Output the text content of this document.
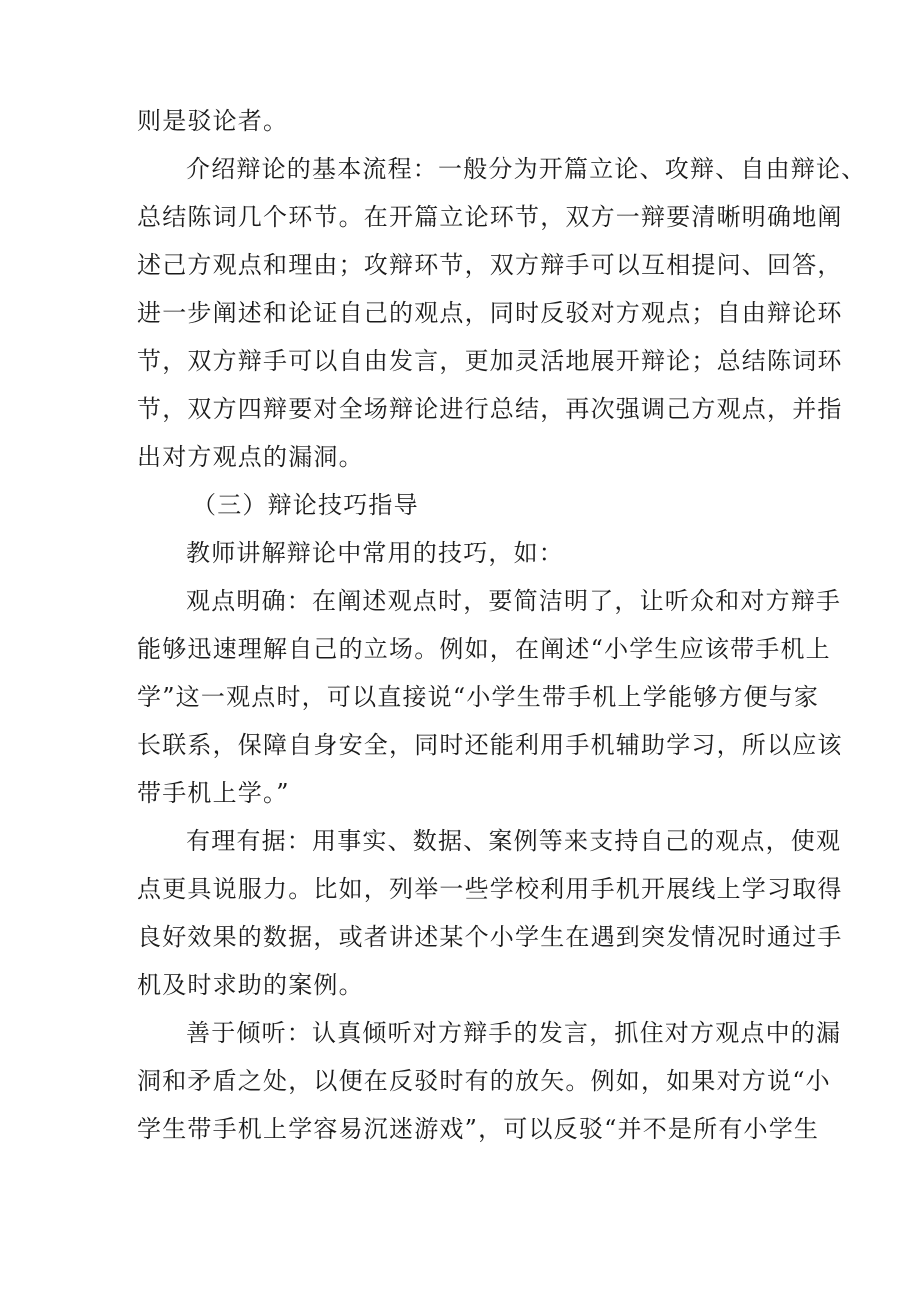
则是驳论者。
介绍辩论的基本流程：一般分为开篇立论、攻辩、自由辩论、
总结陈词几个环节。在开篇立论环节，双方一辩要清晰明确地阐
述己方观点和理由；攻辩环节，双方辩手可以互相提问、回答，
进一步阐述和论证自己的观点，同时反驳对方观点；自由辩论环
节，双方辩手可以自由发言，更加灵活地展开辩论；总结陈词环
节，双方四辩要对全场辩论进行总结，再次强调己方观点，并指
出对方观点的漏洞。
（三）辩论技巧指导
教师讲解辩论中常用的技巧，如：
观点明确：在阐述观点时，要简洁明了，让听众和对方辩手
能够迅速理解自己的立场。例如，在阐述“小学生应该带手机上
学”这一观点时，可以直接说“小学生带手机上学能够方便与家
长联系，保障自身安全，同时还能利用手机辅助学习，所以应该
带手机上学。”
有理有据：用事实、数据、案例等来支持自己的观点，使观
点更具说服力。比如，列举一些学校利用手机开展线上学习取得
良好效果的数据，或者讲述某个小学生在遇到突发情况时通过手
机及时求助的案例。
善于倾听：认真倾听对方辩手的发言，抓住对方观点中的漏
洞和矛盾之处，以便在反驳时有的放矢。例如，如果对方说“小
学生带手机上学容易沉迷游戏”，可以反驳“并不是所有小学生
